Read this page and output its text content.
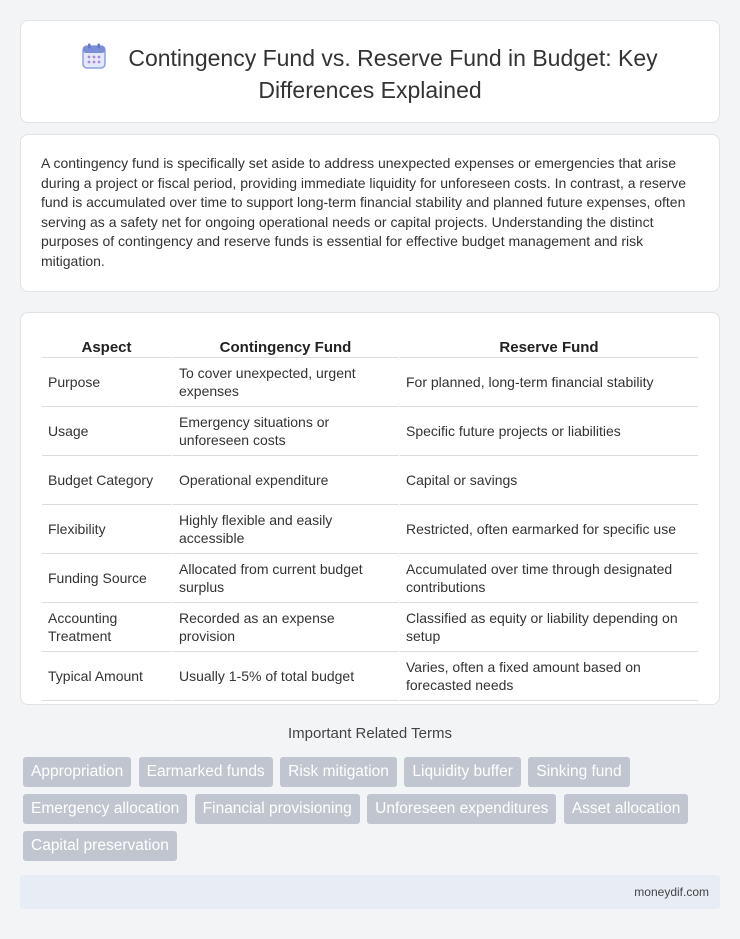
Contingency Fund vs. Reserve Fund in Budget: Key Differences Explained

A contingency fund is specifically set aside to address unexpected expenses or emergencies that arise during a project or fiscal period, providing immediate liquidity for unforeseen costs. In contrast, a reserve fund is accumulated over time to support long-term financial stability and planned future expenses, often serving as a safety net for ongoing operational needs or capital projects. Understanding the distinct purposes of contingency and reserve funds is essential for effective budget management and risk mitigation.

Aspect	Contingency Fund	Reserve Fund
Purpose	To cover unexpected, urgent expenses	For planned, long-term financial stability
Usage	Emergency situations or unforeseen costs	Specific future projects or liabilities
Budget Category	Operational expenditure	Capital or savings
Flexibility	Highly flexible and easily accessible	Restricted, often earmarked for specific use
Funding Source	Allocated from current budget surplus	Accumulated over time through designated contributions
Accounting Treatment	Recorded as an expense provision	Classified as equity or liability depending on setup
Typical Amount	Usually 1-5% of total budget	Varies, often a fixed amount based on forecasted needs
Important Related Terms
Appropriation Earmarked funds Risk mitigation Liquidity buffer Sinking fund Emergency allocation Financial provisioning Unforeseen expenditures Asset allocation Capital preservation
moneydif.com
